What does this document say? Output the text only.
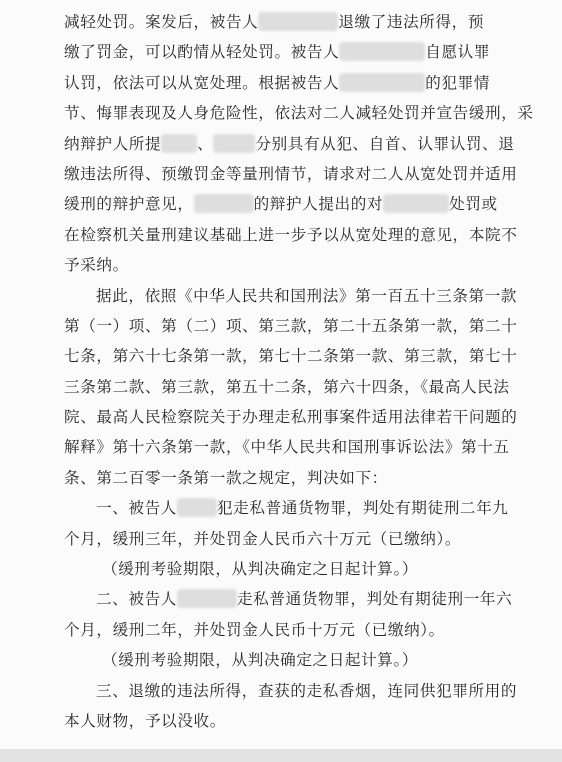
减轻处罚。案发后，被告人	退缴了违法所得，预
缴了罚金，可以酌情从轻处罚。被告人	自愿认罪
认罚，依法可以从宽处理。根据被告人	的犯罪情
节、悔罪表现及人身危险性，依法对二人减轻处罚并宣告缓刑，采
纳辩护人所提 、	分别具有从犯、自首、认罪认罚、退
缴违法所得、预缴罚金等量刑情节，请求对二人从宽处罚并适用
缓刑的辩护意见，	的辩护人提出的对	处罚或
在检察机关量刑建议基础上进一步予以从宽处理的意见，本院不
予采纳。
据此，依照《中华人民共和国刑法》第一百五十三条第一款
第（一）项、第（二）项、第三款，第二十五条第一款，第二十
七条，第六十七条第一款，第七十二条第一款、第三款，第七十
三条第二款、第三款，第五十二条，第六十四条，《最高人民法
院、最高人民检察院关于办理走私刑事案件适用法律若干问题的
解释》第十六条第一款，《中华人民共和国刑事诉讼法》第十五
条、第二百零一条第一款之规定，判决如下：
一、被告人	犯走私普通货物罪，判处有期徒刑二年九
个月，缓刑三年，并处罚金人民币六十万元（已缴纳）。
（缓刑考验期限，从判决确定之日起计算。）
二、被告人	走私普通货物罪，判处有期徒刑一年六
个月，缓刑二年，并处罚金人民币十万元（已缴纳）。
（缓刑考验期限，从判决确定之日起计算。）
三、退缴的违法所得，查获的走私香烟，连同供犯罪所用的
本人财物，予以没收。
